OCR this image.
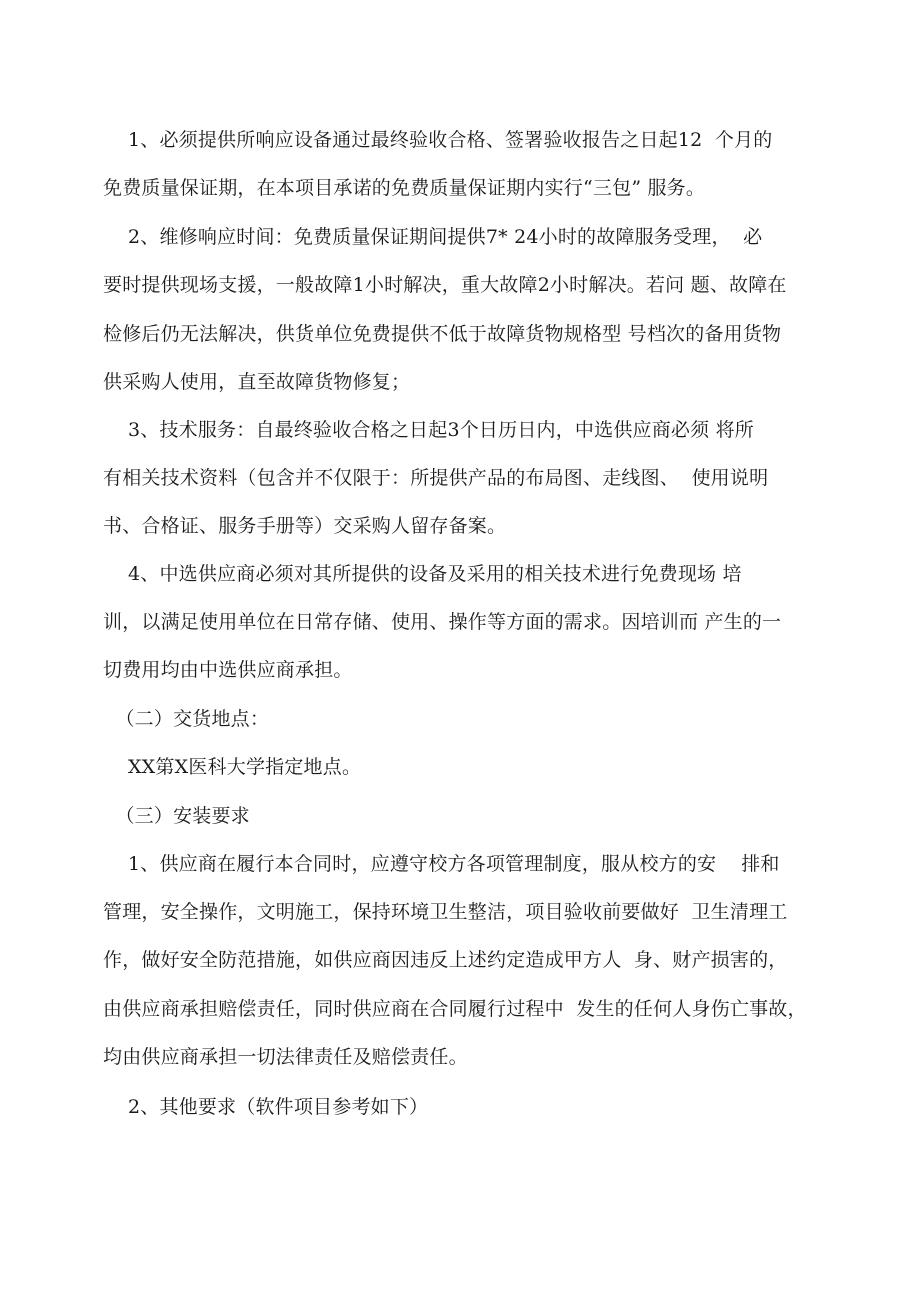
1、必须提供所响应设备通过最终验收合格、签署验收报告之日起12  个月的
免费质量保证期，在本项目承诺的免费质量保证期内实行“三包” 服务。
2、维修响应时间：免费质量保证期间提供7* 24小时的故障服务受理，  必
要时提供现场支援，一般故障1小时解决，重大故障2小时解决。若问 题、故障在
检修后仍无法解决，供货单位免费提供不低于故障货物规格型 号档次的备用货物
供采购人使用，直至故障货物修复；
3、技术服务：自最终验收合格之日起3个日历日内，中选供应商必须 将所
有相关技术资料（包含并不仅限于：所提供产品的布局图、走线图、  使用说明
书、合格证、服务手册等）交采购人留存备案。
4、中选供应商必须对其所提供的设备及采用的相关技术进行免费现场 培
训，以满足使用单位在日常存储、使用、操作等方面的需求。因培训而 产生的一
切费用均由中选供应商承担。
（二）交货地点：
XX第X医科大学指定地点。
（三）安装要求
1、供应商在履行本合同时，应遵守校方各项管理制度，服从校方的安    排和
管理，安全操作，文明施工，保持环境卫生整洁，项目验收前要做好  卫生清理工
作，做好安全防范措施，如供应商因违反上述约定造成甲方人  身、财产损害的，
由供应商承担赔偿责任，同时供应商在合同履行过程中  发生的任何人身伤亡事故，
均由供应商承担一切法律责任及赔偿责任。
2、其他要求（软件项目参考如下）
